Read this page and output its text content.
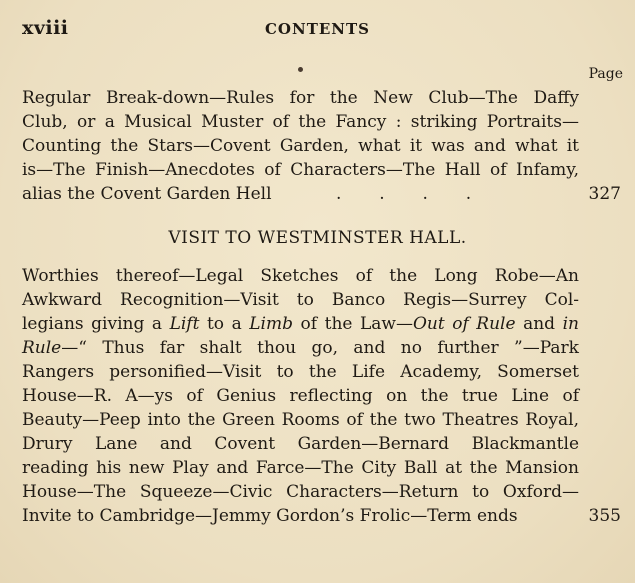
xviii	CONTENTS
Page
Regular Break-down—Rules for the New Club—The Daffy
Club, or a Musical Muster of the Fancy : striking Portraits—
Counting the Stars—Covent Garden, what it was and what it
is—The Finish—Anecdotes of Characters—The Hall of Infamy,
alias the Covent Garden Hell	.       .       .       .	327
VISIT TO WESTMINSTER HALL.
Worthies thereof—Legal Sketches of the Long Robe—An
Awkward Recognition—Visit to Banco Regis—Surrey Col-
legians giving a Lift to a Limb of the Law—Out of Rule and in
Rule—“ Thus far shalt thou go, and no further ”—Park
Rangers personified—Visit to the Life Academy, Somerset
House—R. A—ys of Genius reflecting on the true Line of
Beauty—Peep into the Green Rooms of the two Theatres Royal,
Drury Lane and Covent Garden—Bernard Blackmantle
reading his new Play and Farce—The City Ball at the Mansion
House—The Squeeze—Civic Characters—Return to Oxford—
Invite to Cambridge—Jemmy Gordon’s Frolic—Term ends	355
